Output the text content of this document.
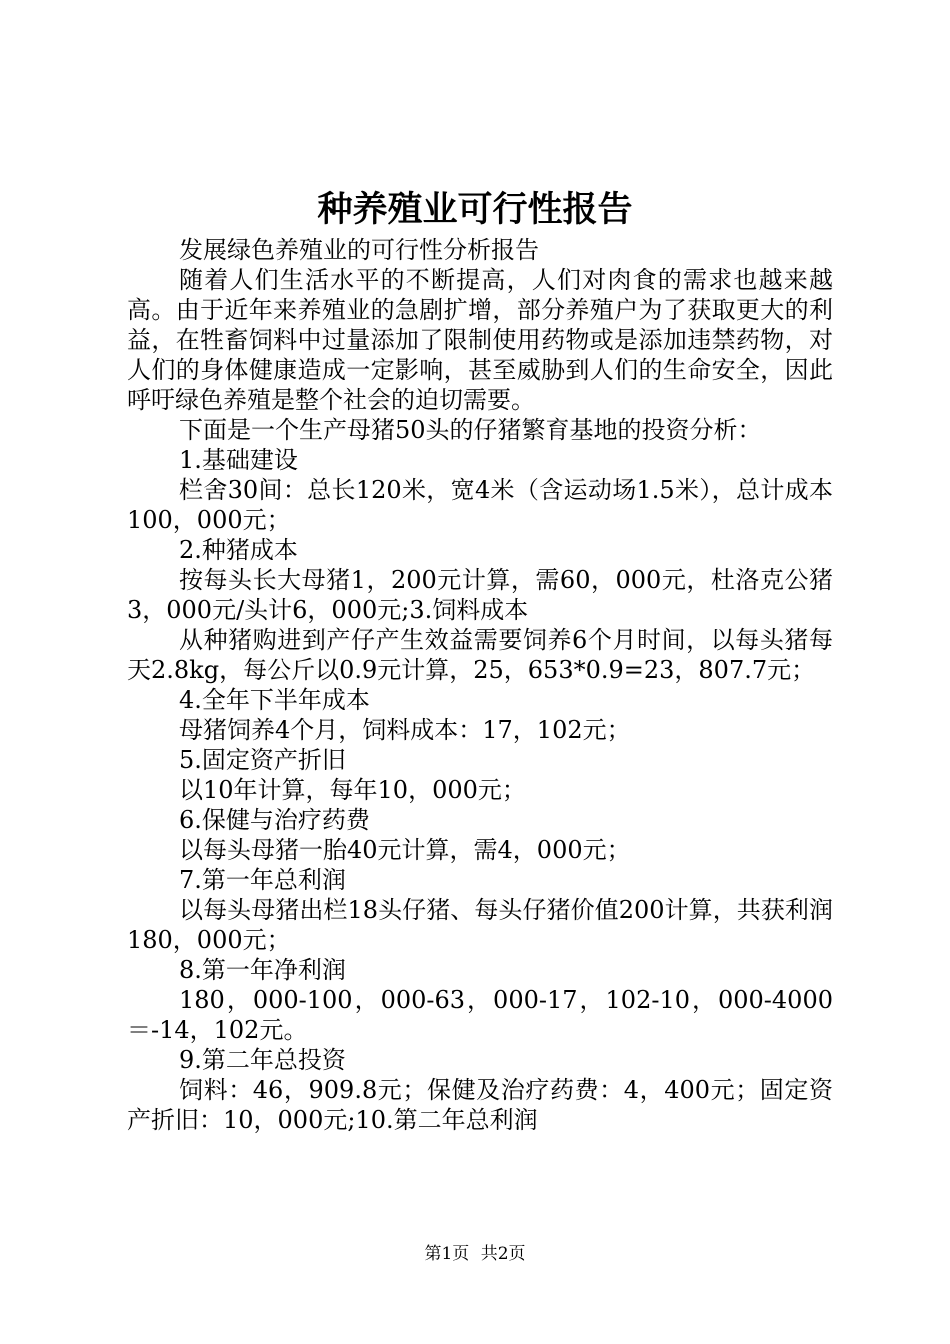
种养殖业可行性报告

发展绿色养殖业的可行性分析报告

随着人们生活水平的不断提高，人们对肉食的需求也越来越高。由于近年来养殖业的急剧扩增，部分养殖户为了获取更大的利益，在牲畜饲料中过量添加了限制使用药物或是添加违禁药物，对人们的身体健康造成一定影响，甚至威胁到人们的生命安全，因此呼吁绿色养殖是整个社会的迫切需要。

下面是一个生产母猪50头的仔猪繁育基地的投资分析：

1.基础建设

栏舍30间：总长120米，宽4米（含运动场1.5米），总计成本100，000元；

2.种猪成本

按每头长大母猪1，200元计算，需60，000元，杜洛克公猪3，000元/头计6，000元;3.饲料成本

从种猪购进到产仔产生效益需要饲养6个月时间，以每头猪每天2.8kg，每公斤以0.9元计算，25，653*0.9=23，807.7元；

4.全年下半年成本

母猪饲养4个月，饲料成本：17，102元；

5.固定资产折旧

以10年计算，每年10，000元；

6.保健与治疗药费

以每头母猪一胎40元计算，需4，000元；

7.第一年总利润

以每头母猪出栏18头仔猪、每头仔猪价值200计算，共获利润180，000元；

8.第一年净利润

180，000-100，000-63，000-17，102-10，000-4000＝-14，102元。

9.第二年总投资

饲料：46，909.8元；保健及治疗药费：4，400元；固定资产折旧：10，000元;10.第二年总利润

第1页 共2页
